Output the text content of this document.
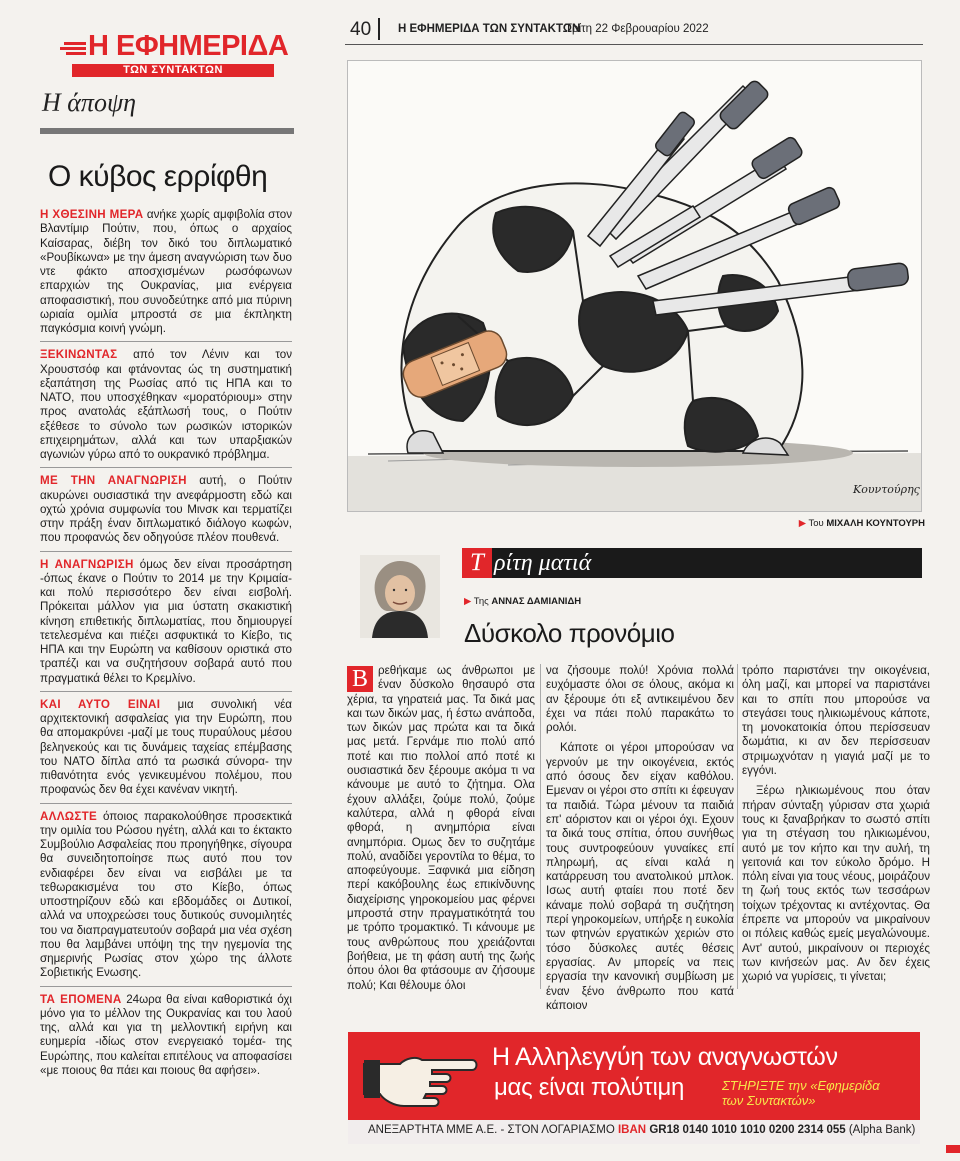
Η ΕΦΗΜΕΡΙΔΑ
ΤΩΝ ΣΥΝΤΑΚΤΩΝ
Η άποψη
Ο κύβος ερρίφθη

Η ΧΘΕΣΙΝΗ ΜΕΡΑ ανήκε χωρίς αμφιβολία στον Βλαντίμιρ Πούτιν, που, όπως ο αρχαίος Καίσαρας, διέβη τον δικό του διπλωματικό «Ρουβίκωνα» με την άμεση αναγνώριση των δυο ντε φάκτο αποσχισμένων ρωσόφωνων επαρχιών της Ουκρανίας, μια ενέργεια αποφασιστική, που συνοδεύτηκε από μια πύρινη ωριαία ομιλία μπροστά σε μια έκπληκτη παγκόσμια κοινή γνώμη.

ΞΕΚΙΝΩΝΤΑΣ από τον Λένιν και τον Χρουστσόφ και φτάνοντας ώς τη συστηματική εξαπάτηση της Ρωσίας από τις ΗΠΑ και το ΝΑΤΟ, που υποσχέθηκαν «μορατόριουμ» στην προς ανατολάς εξάπλωσή τους, ο Πούτιν εξέθεσε το σύνολο των ρωσικών ιστορικών επιχειρημάτων, αλλά και των υπαρξιακών αγωνιών γύρω από το ουκρανικό πρόβλημα.

ΜΕ ΤΗΝ ΑΝΑΓΝΩΡΙΣΗ αυτή, ο Πούτιν ακυρώνει ουσιαστικά την ανεφάρμοστη εδώ και οχτώ χρόνια συμφωνία του Μινσκ και τερματίζει στην πράξη έναν διπλωματικό διάλογο κωφών, που προφανώς δεν οδηγούσε πλέον πουθενά.

Η ΑΝΑΓΝΩΡΙΣΗ όμως δεν είναι προσάρτηση -όπως έκανε ο Πούτιν το 2014 με την Κριμαία- και πολύ περισσότερο δεν είναι εισβολή. Πρόκειται μάλλον για μια ύστατη σκακιστική κίνηση επιθετικής διπλωματίας, που δημιουργεί τετελεσμένα και πιέζει ασφυκτικά το Κίεβο, τις ΗΠΑ και την Ευρώπη να καθίσουν οριστικά στο τραπέζι και να συζητήσουν σοβαρά αυτό που πραγματικά θέλει το Κρεμλίνο.

ΚΑΙ ΑΥΤΟ ΕΙΝΑΙ μια συνολική νέα αρχιτεκτονική ασφαλείας για την Ευρώπη, που θα απομακρύνει -μαζί με τους πυραύλους μέσου βεληνεκούς και τις δυνάμεις ταχείας επέμβασης του ΝΑΤΟ δίπλα από τα ρωσικά σύνορα- την πιθανότητα ενός γενικευμένου πολέμου, που προφανώς δεν θα έχει κανέναν νικητή.

ΑΛΛΩΣΤΕ όποιος παρακολούθησε προσεκτικά την ομιλία του Ρώσου ηγέτη, αλλά και το έκτακτο Συμβούλιο Ασφαλείας που προηγήθηκε, σίγουρα θα συνειδητοποίησε πως αυτό που τον ενδιαφέρει δεν είναι να εισβάλει με τα τεθωρακισμένα του στο Κίεβο, όπως υποστηρίζουν εδώ και εβδομάδες οι Δυτικοί, αλλά να υποχρεώσει τους δυτικούς συνομιλητές του να διαπραγματευτούν σοβαρά μια νέα σχέση που θα λαμβάνει υπόψη της την ηγεμονία της σημερινής Ρωσίας στον χώρο της άλλοτε Σοβιετικής Ενωσης.

ΤΑ ΕΠΟΜΕΝΑ 24ωρα θα είναι καθοριστικά όχι μόνο για το μέλλον της Ουκρανίας και του λαού της, αλλά και για τη μελλοντική ειρήνη και ευημερία -ιδίως στον ενεργειακό τομέα- της Ευρώπης, που καλείται επιτέλους να αποφασίσει «με ποιους θα πάει και ποιους θα αφήσει».

40 Η ΕΦΗΜΕΡΙΔΑ ΤΩΝ ΣΥΝΤΑΚΤΩΝ
Τρίτη 22 Φεβρουαρίου 2022
Κουντούρης
▶ Του ΜΙΧΑΛΗ ΚΟΥΝΤΟΥΡΗ
Τ ρίτη ματιά
▶ Της ΑΝΝΑΣ ΔΑΜΙΑΝΙΔΗ
Δύσκολο προνόμιο

Β ρεθήκαμε ως άνθρωποι με έναν δύσκολο θησαυρό στα χέρια, τα γηρατειά μας. Τα δικά μας και των δικών μας, ή έστω ανάποδα, των δικών μας πρώτα και τα δικά μας μετά. Γερνάμε πιο πολύ από ποτέ και πιο πολλοί από ποτέ κι ουσιαστικά δεν ξέρουμε ακόμα τι να κάνουμε με αυτό το ζήτημα. Ολα έχουν αλλάξει, ζούμε πολύ, ζούμε καλύτερα, αλλά η φθορά είναι φθορά, η ανημπόρια είναι ανημπόρια. Ομως δεν το συζητάμε πολύ, αναδίδει γεροντίλα το θέμα, το αποφεύγουμε. Ξαφνικά μια είδηση περί κακόβουλης έως επικίνδυνης διαχείρισης γηροκομείου μας φέρνει μπροστά στην πραγματικότητά του με τρόπο τρομακτικό. Τι κάνουμε με τους ανθρώπους που χρειάζονται βοήθεια, με τη φάση αυτή της ζωής όπου όλοι θα φτάσουμε αν ζήσουμε πολύ; Και θέλουμε όλοι

να ζήσουμε πολύ! Χρόνια πολλά ευχόμαστε όλοι σε όλους, ακόμα κι αν ξέρουμε ότι εξ αντικειμένου δεν έχει να πάει πολύ παρακάτω το ρολόι.

Κάποτε οι γέροι μπορούσαν να γερνούν με την οικογένεια, εκτός από όσους δεν είχαν καθόλου. Εμεναν οι γέροι στο σπίτι κι έφευγαν τα παιδιά. Τώρα μένουν τα παιδιά επ' αόριστον και οι γέροι όχι. Εχουν τα δικά τους σπίτια, όπου συνήθως τους συντροφεύουν γυναίκες επί πληρωμή, ας είναι καλά η κατάρρευση του ανατολικού μπλοκ. Ισως αυτή φταίει που ποτέ δεν κάναμε πολύ σοβαρά τη συζήτηση περί γηροκομείων, υπήρξε η ευκολία των φτηνών εργατικών χεριών στο τόσο δύσκολες αυτές θέσεις εργασίας. Αν μπορείς να πεις εργασία την κανονική συμβίωση με έναν ξένο άνθρωπο που κατά κάποιον

τρόπο παριστάνει την οικογένεια, όλη μαζί, και μπορεί να παριστάνει και το σπίτι που μπορούσε να στεγάσει τους ηλικιωμένους κάποτε, τη μονοκατοικία όπου περίσσευαν δωμάτια, κι αν δεν περίσσευαν στριμωχνόταν η γιαγιά μαζί με το εγγόνι.

Ξέρω ηλικιωμένους που όταν πήραν σύνταξη γύρισαν στα χωριά τους κι ξαναβρήκαν το σωστό σπίτι για τη στέγαση του ηλικιωμένου, αυτό με τον κήπο και την αυλή, τη γειτονιά και τον εύκολο δρόμο. Η πόλη είναι για τους νέους, μοιράζουν τη ζωή τους εκτός των τεσσάρων τοίχων τρέχοντας κι αντέχοντας. Θα έπρεπε να μπορούν να μικραίνουν οι πόλεις καθώς εμείς μεγαλώνουμε. Αντ' αυτού, μικραίνουν οι περιοχές των κινήσεών μας. Αν δεν έχεις χωριό να γυρίσεις, τι γίνεται;

Η Αλληλεγγύη των αναγνωστών
μας είναι πολύτιμη	ΣΤΗΡΙΞΤΕ την «Εφημερίδα των Συντακτών»
ΑΝΕΞΑΡΤΗΤΑ ΜΜΕ Α.Ε. - ΣΤΟΝ ΛΟΓΑΡΙΑΣΜΟ IBAN GR18 0140 1010 1010 0200 2314 055 (Alpha Bank)
